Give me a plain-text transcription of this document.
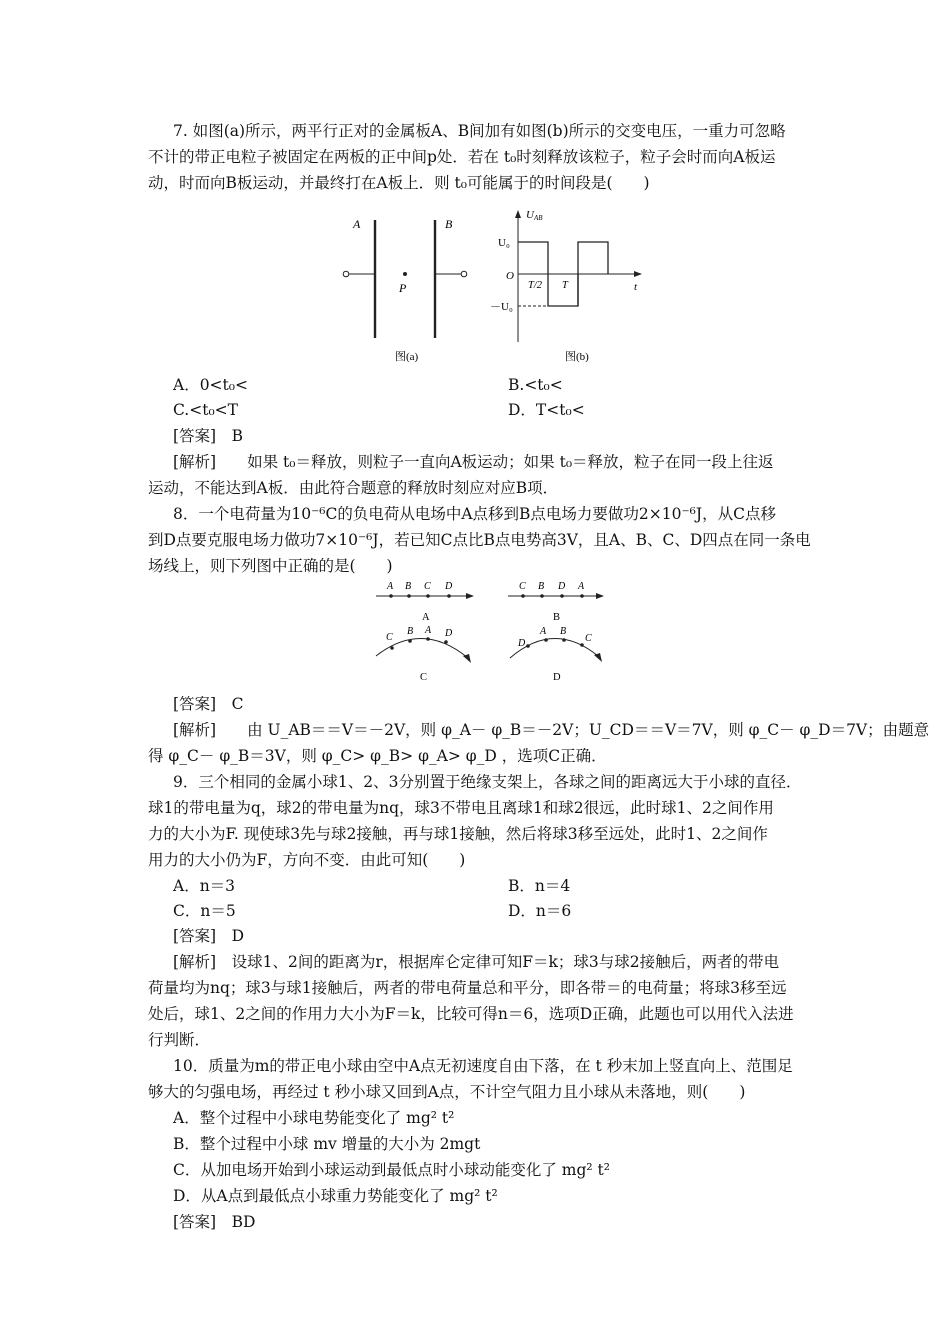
7. 如图(a)所示，两平行正对的金属板A、B间加有如图(b)所示的交变电压，一重力可忽略
不计的带正电粒子被固定在两板的正中间p处．若在 t₀时刻释放该粒子，粒子会时而向A板运
动，时而向B板运动，并最终打在A板上．则 t₀可能属于的时间段是(　　)
A	B
P
图(a)
UAB
U₀
－U₀
O
T/2 T	t
图(b)
A．0<t₀<	B.<t₀<
C.<t₀<T	D．T<t₀<
[答案]　B
[解析]　　如果 t₀＝释放，则粒子一直向A板运动；如果 t₀＝释放，粒子在同一段上往返
运动，不能达到A板．由此符合题意的释放时刻应对应B项．
8．一个电荷量为10⁻⁶C的负电荷从电场中A点移到B点电场力要做功2×10⁻⁶J，从C点移
到D点要克服电场力做功7×10⁻⁶J，若已知C点比B点电势高3V，且A、B、C、D四点在同一条电
场线上，则下列图中正确的是(　　)
A B C D
A
C B D A
B
C
B A D
C
D
A B
C
D
[答案]　C
[解析]　　由 U_AB＝＝V＝－2V，则 φ_A－ φ_B＝－2V；U_CD＝＝V＝7V，则 φ_C－ φ_D＝7V；由题意
得 φ_C－ φ_B＝3V，则 φ_C> φ_B> φ_A> φ_D ，选项C正确．
9．三个相同的金属小球1、2、3分别置于绝缘支架上，各球之间的距离远大于小球的直径．
球1的带电量为q，球2的带电量为nq，球3不带电且离球1和球2很远，此时球1、2之间作用
力的大小为F. 现使球3先与球2接触，再与球1接触，然后将球3移至远处，此时1、2之间作
用力的大小仍为F，方向不变．由此可知(　　)
A．n＝3	B．n＝4
C．n＝5	D．n＝6
[答案]　D
[解析]　设球1、2间的距离为r，根据库仑定律可知F＝k；球3与球2接触后，两者的带电
荷量均为nq；球3与球1接触后，两者的带电荷量总和平分，即各带＝的电荷量；将球3移至远
处后，球1、2之间的作用力大小为F＝k，比较可得n＝6，选项D正确，此题也可以用代入法进
行判断．
10．质量为m的带正电小球由空中A点无初速度自由下落，在 t 秒末加上竖直向上、范围足
够大的匀强电场，再经过 t 秒小球又回到A点，不计空气阻力且小球从未落地，则(　　)
A．整个过程中小球电势能变化了 mg² t²
B．整个过程中小球 mv 增量的大小为 2mgt
C．从加电场开始到小球运动到最低点时小球动能变化了 mg² t²
D．从A点到最低点小球重力势能变化了 mg² t²
[答案]　BD
